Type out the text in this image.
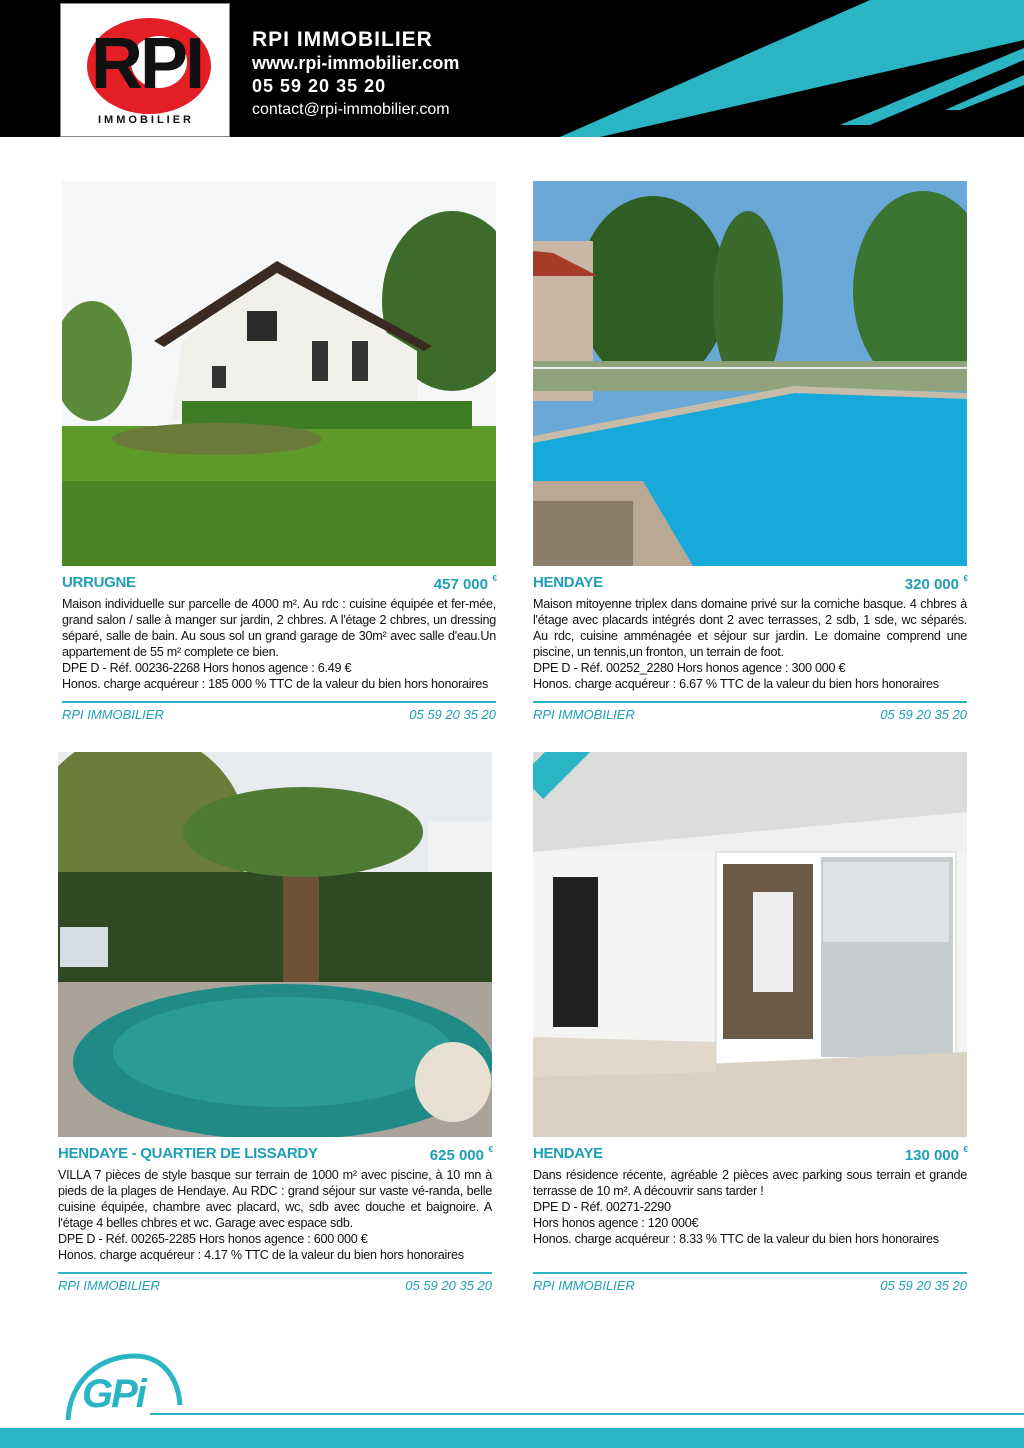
RPI
IMMOBILIER
RPI IMMOBILIER
www.rpi-immobilier.com
05 59 20 35 20
contact@rpi-immobilier.com
URRUGNE	457 000 €

Maison individuelle sur parcelle de 4000 m². Au rdc : cuisine équipée et fer-mée, grand salon / salle à manger sur jardin, 2 chbres. A l'étage 2 chbres, un dressing séparé, salle de bain. Au sous sol un grand garage de 30m² avec salle d'eau.Un appartement de 55 m² complete ce bien.

DPE D - Réf. 00236-2268 Hors honos agence : 6.49 €

Honos. charge acquéreur : 185 000 % TTC de la valeur du bien hors honoraires

RPI IMMOBILIER	05 59 20 35 20
HENDAYE	320 000 €

Maison mitoyenne triplex dans domaine privé sur la corniche basque. 4 chbres à l'étage avec placards intégrés dont 2 avec terrasses, 2 sdb, 1 sde, wc séparés. Au rdc, cuisine amménagée et séjour sur jardin. Le domaine comprend une piscine, un tennis,un fronton, un terrain de foot.

DPE D - Réf. 00252_2280 Hors honos agence : 300 000 €

Honos. charge acquéreur : 6.67 % TTC de la valeur du bien hors honoraires

RPI IMMOBILIER	05 59 20 35 20
HENDAYE - QUARTIER DE LISSARDY	625 000 €

VILLA 7 pièces de style basque sur terrain de 1000 m² avec piscine, à 10 mn à pieds de la plages de Hendaye. Au RDC : grand séjour sur vaste vé-randa, belle cuisine équipée, chambre avec placard, wc, sdb avec douche et baignoire. A l'étage 4 belles chbres et wc. Garage avec espace sdb.

DPE D - Réf. 00265-2285 Hors honos agence : 600 000 €

Honos. charge acquéreur : 4.17 % TTC de la valeur du bien hors honoraires

RPI IMMOBILIER	05 59 20 35 20
HENDAYE	130 000 €

Dans résidence récente, agréable 2 pièces avec parking sous terrain et grande terrasse de 10 m². A découvrir sans tarder !

DPE D - Réf. 00271-2290

Hors honos agence : 120 000€

Honos. charge acquéreur : 8.33 % TTC de la valeur du bien hors honoraires

RPI IMMOBILIER	05 59 20 35 20
GPi
